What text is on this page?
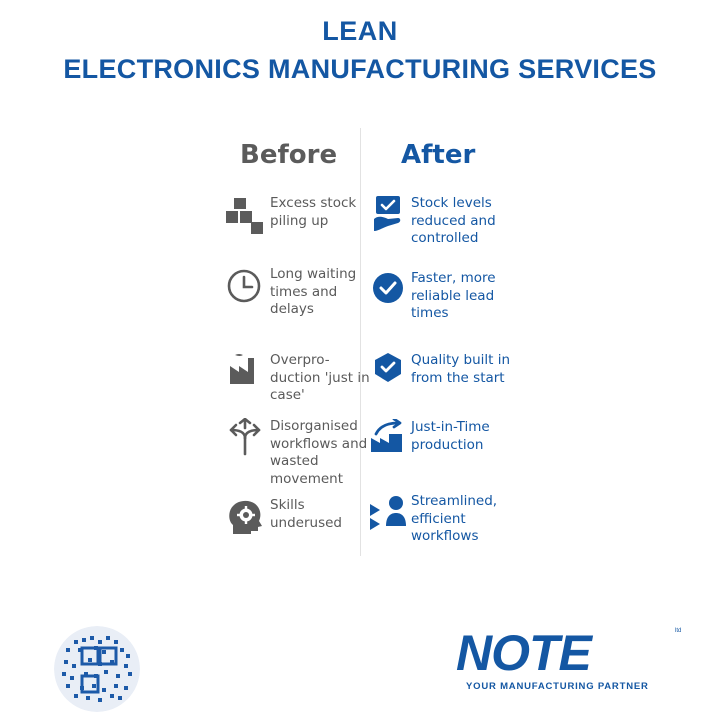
LEAN
ELECTRONICS MANUFACTURING SERVICES
Before After
Excess stock piling up
Long waiting times and delays
Overpro-duction 'just in case'
Disorganised workflows and wasted movement
Skills underused
Stock levels reduced and controlled
Faster, more reliable lead times
Quality built in from the start
Just-in-Time production
Streamlined, efficient workflows
NOTE	ltd
YOUR MANUFACTURING PARTNER
